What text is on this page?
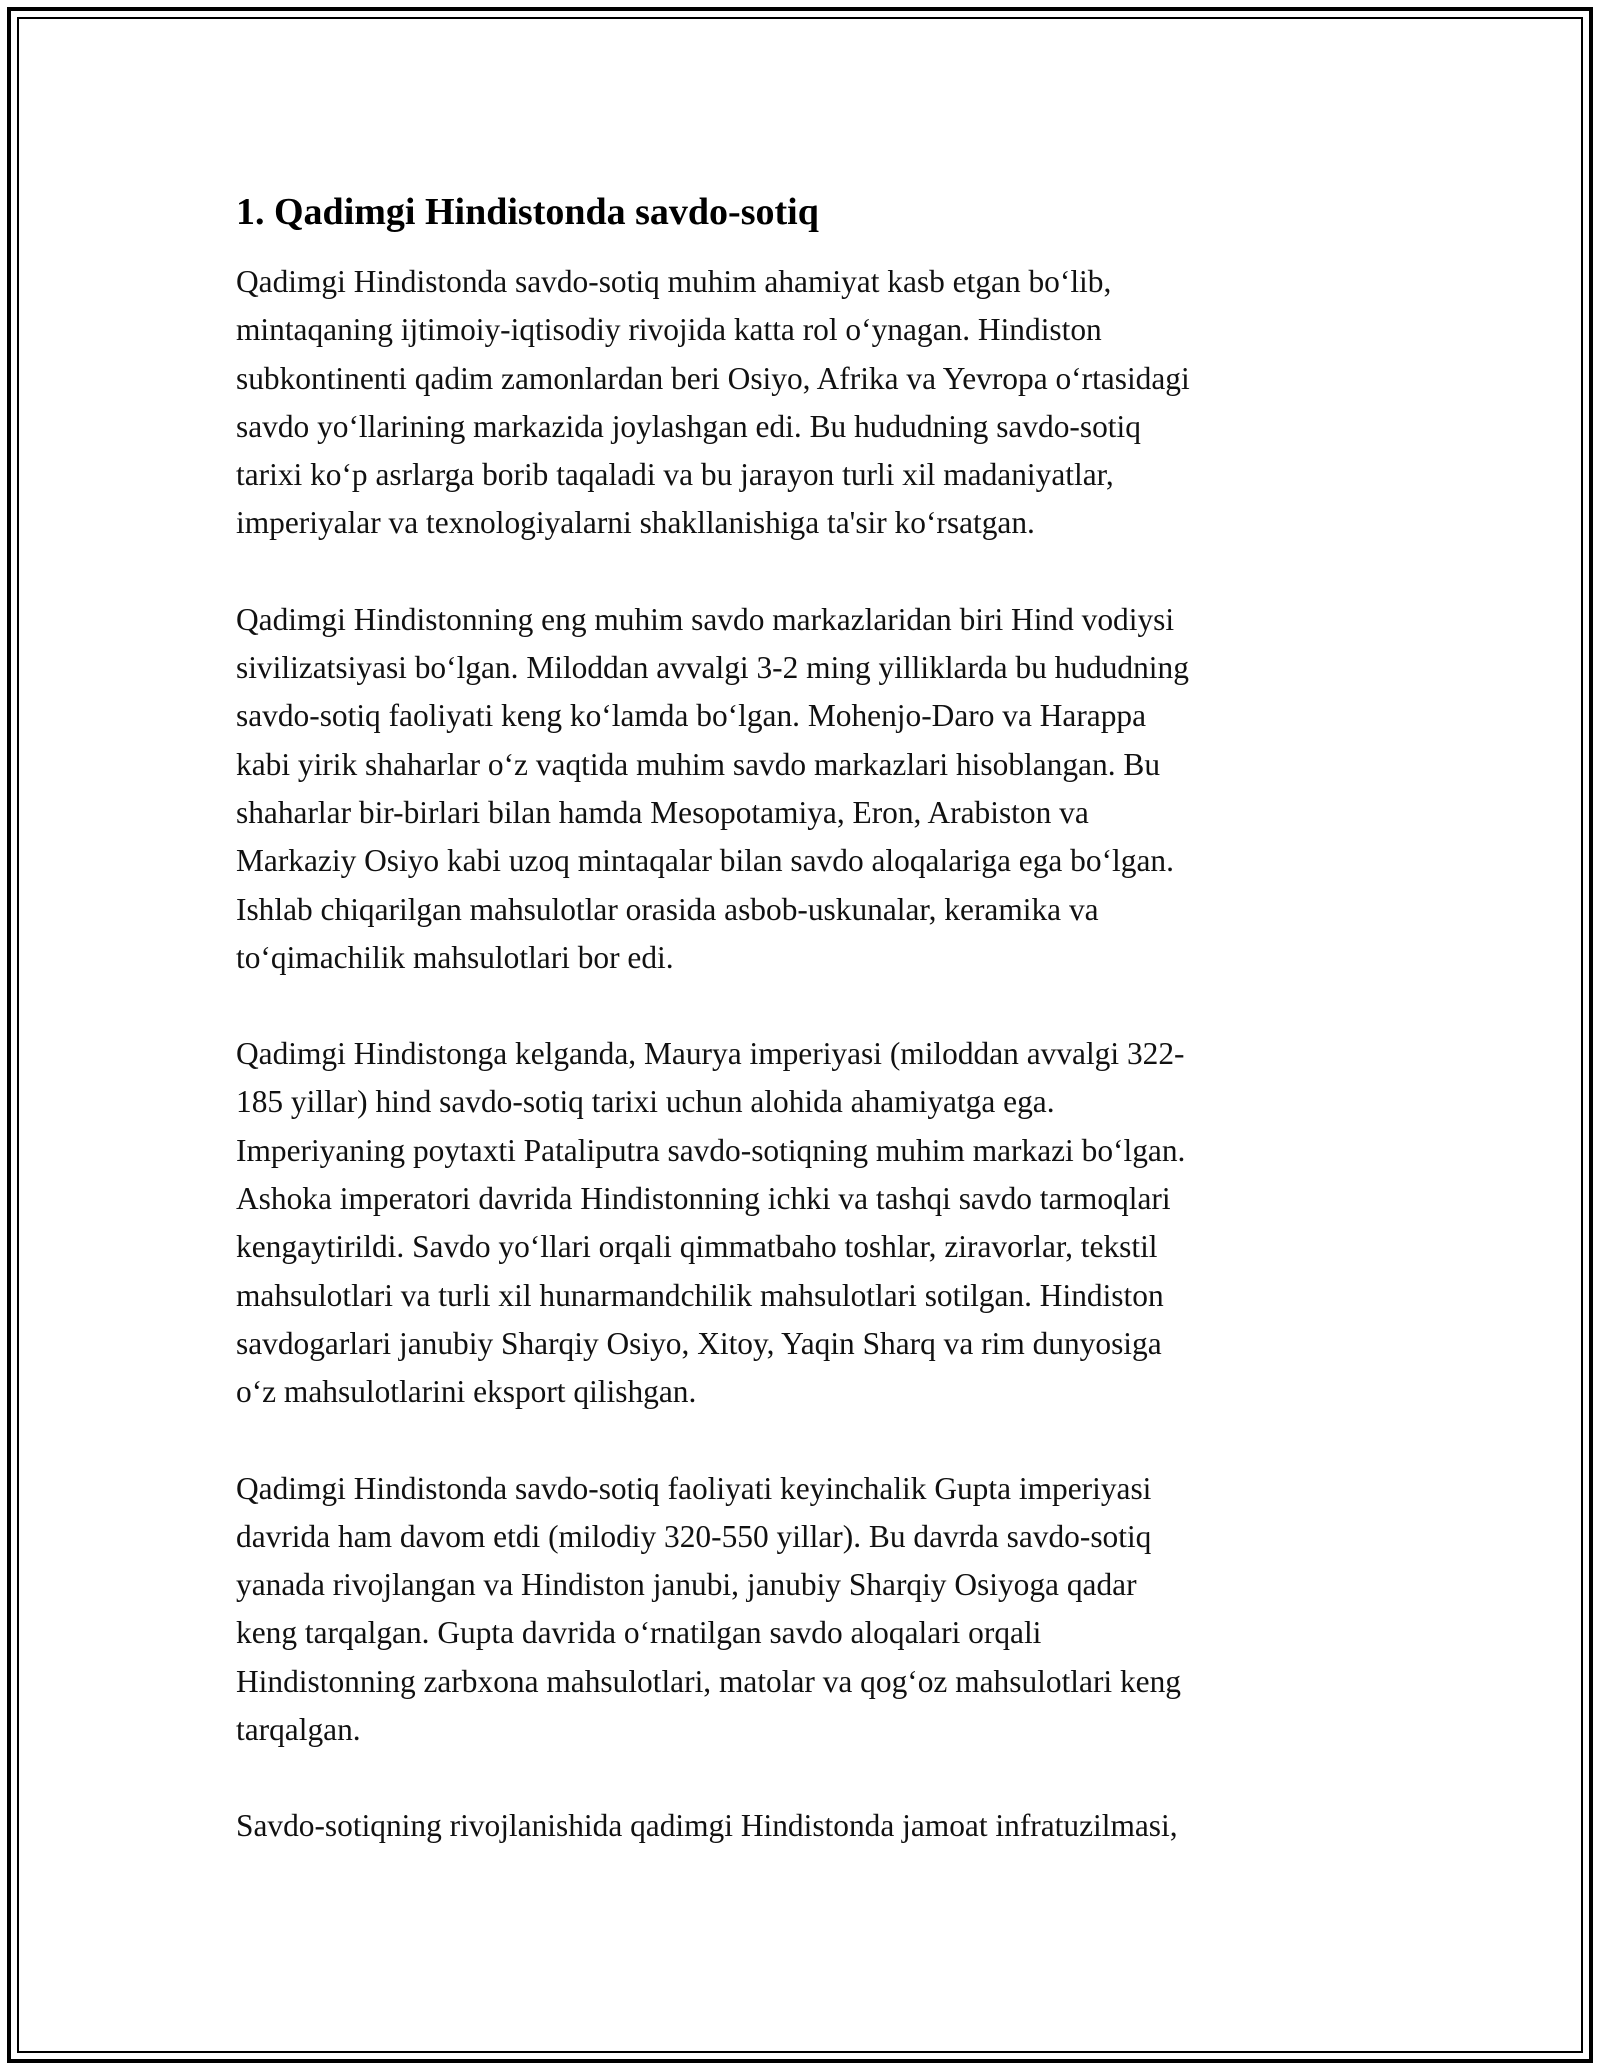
1. Qadimgi Hindistonda savdo-sotiq
Qadimgi Hindistonda savdo-sotiq muhim ahamiyat kasb etgan bo‘lib,
mintaqaning ijtimoiy-iqtisodiy rivojida katta rol o‘ynagan. Hindiston
subkontinenti qadim zamonlardan beri Osiyo, Afrika va Yevropa o‘rtasidagi
savdo yo‘llarining markazida joylashgan edi. Bu hududning savdo-sotiq
tarixi ko‘p asrlarga borib taqaladi va bu jarayon turli xil madaniyatlar,
imperiyalar va texnologiyalarni shakllanishiga ta'sir ko‘rsatgan.
Qadimgi Hindistonning eng muhim savdo markazlaridan biri Hind vodiysi
sivilizatsiyasi bo‘lgan. Miloddan avvalgi 3-2 ming yilliklarda bu hududning
savdo-sotiq faoliyati keng ko‘lamda bo‘lgan. Mohenjo-Daro va Harappa
kabi yirik shaharlar o‘z vaqtida muhim savdo markazlari hisoblangan. Bu
shaharlar bir-birlari bilan hamda Mesopotamiya, Eron, Arabiston va
Markaziy Osiyo kabi uzoq mintaqalar bilan savdo aloqalariga ega bo‘lgan.
Ishlab chiqarilgan mahsulotlar orasida asbob-uskunalar, keramika va
to‘qimachilik mahsulotlari bor edi.
Qadimgi Hindistonga kelganda, Maurya imperiyasi (miloddan avvalgi 322-
185 yillar) hind savdo-sotiq tarixi uchun alohida ahamiyatga ega.
Imperiyaning poytaxti Pataliputra savdo-sotiqning muhim markazi bo‘lgan.
Ashoka imperatori davrida Hindistonning ichki va tashqi savdo tarmoqlari
kengaytirildi. Savdo yo‘llari orqali qimmatbaho toshlar, ziravorlar, tekstil
mahsulotlari va turli xil hunarmandchilik mahsulotlari sotilgan. Hindiston
savdogarlari janubiy Sharqiy Osiyo, Xitoy, Yaqin Sharq va rim dunyosiga
o‘z mahsulotlarini eksport qilishgan.
Qadimgi Hindistonda savdo-sotiq faoliyati keyinchalik Gupta imperiyasi
davrida ham davom etdi (milodiy 320-550 yillar). Bu davrda savdo-sotiq
yanada rivojlangan va Hindiston janubi, janubiy Sharqiy Osiyoga qadar
keng tarqalgan. Gupta davrida o‘rnatilgan savdo aloqalari orqali
Hindistonning zarbxona mahsulotlari, matolar va qog‘oz mahsulotlari keng
tarqalgan.
Savdo-sotiqning rivojlanishida qadimgi Hindistonda jamoat infratuzilmasi,
